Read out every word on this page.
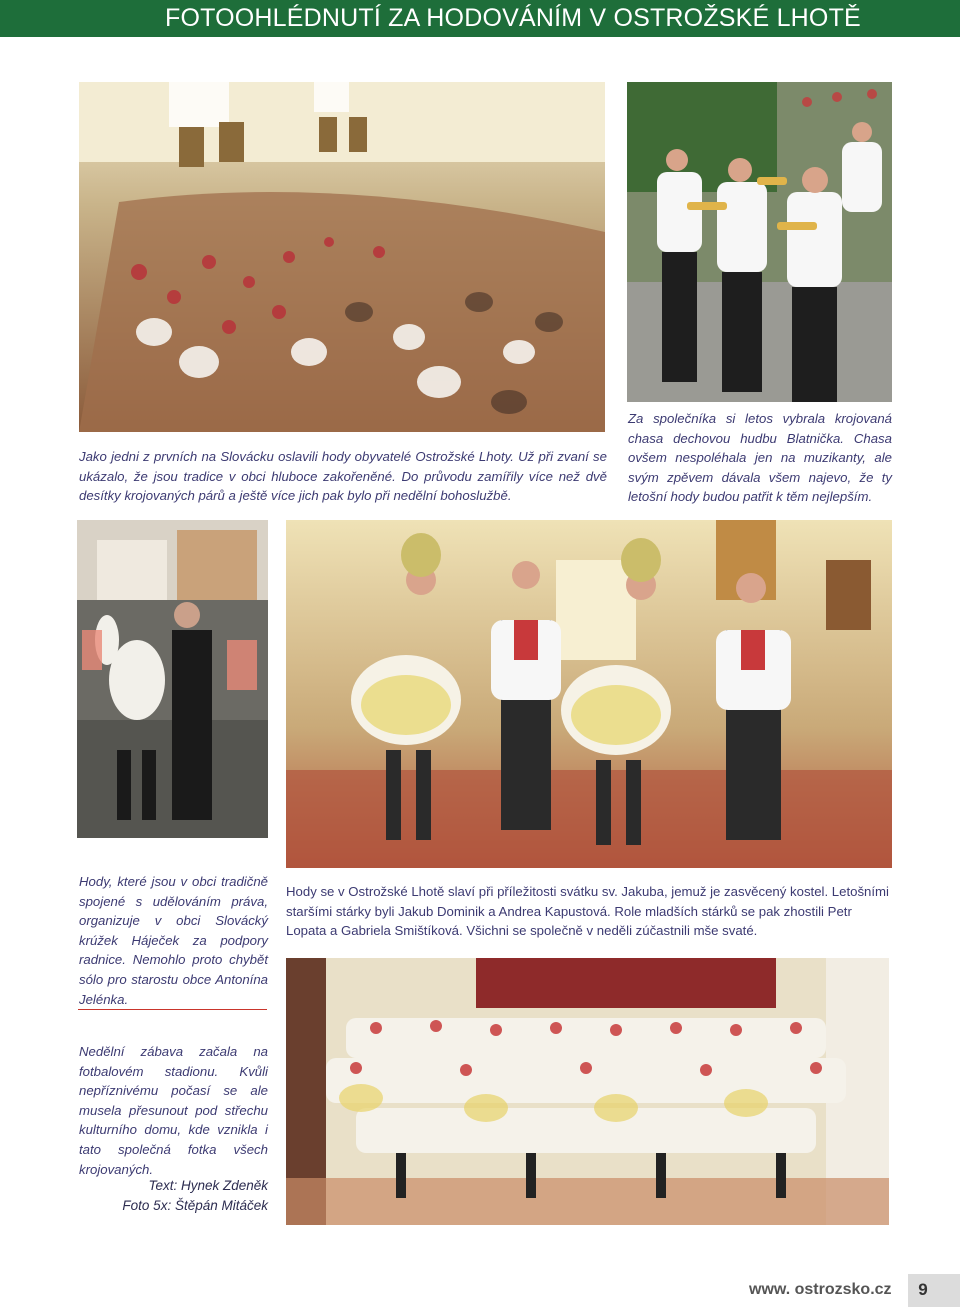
FOTOOHLÉDNUTÍ ZA HODOVÁNÍM V OSTROŽSKÉ LHOTĚ
Jako jedni z prvních na Slovácku oslavili hody obyvatelé Ostrožské Lhoty. Už při zvaní se ukázalo, že jsou tradice v obci hluboce zakořeněné. Do průvodu zamířily více než dvě desítky krojovaných párů a ještě více jich pak bylo při nedělní bohoslužbě.
Za společníka si letos vybrala krojovaná chasa dechovou hudbu Blatnička. Chasa ovšem nespoléhala jen na muzikanty, ale svým zpěvem dávala všem najevo, že ty letošní hody budou patřit k těm nejlepším.
Hody, které jsou v obci tradičně spojené s udělováním práva, organizuje v obci Slovácký krúžek Háječek za podpory radnice. Nemohlo proto chybět sólo pro starostu obce Antonína Jelénka.
Hody se v Ostrožské Lhotě slaví při příležitosti svátku sv. Jakuba, jemuž je zasvěcený kostel. Letošními staršími stárky byli Jakub Dominik a Andrea Kapustová. Role mladších stárků se pak zhostili Petr Lopata a Gabriela Smištíková. Všichni se společně v neděli zúčastnili mše svaté.
Nedělní zábava začala na fotbalovém stadionu. Kvůli nepříznivému počasí se ale musela přesunout pod střechu kulturního domu, kde vznikla i tato společná fotka všech krojovaných.
Text: Hynek Zdeněk
Foto 5x: Štěpán Mitáček
www. ostrozsko.cz	9
